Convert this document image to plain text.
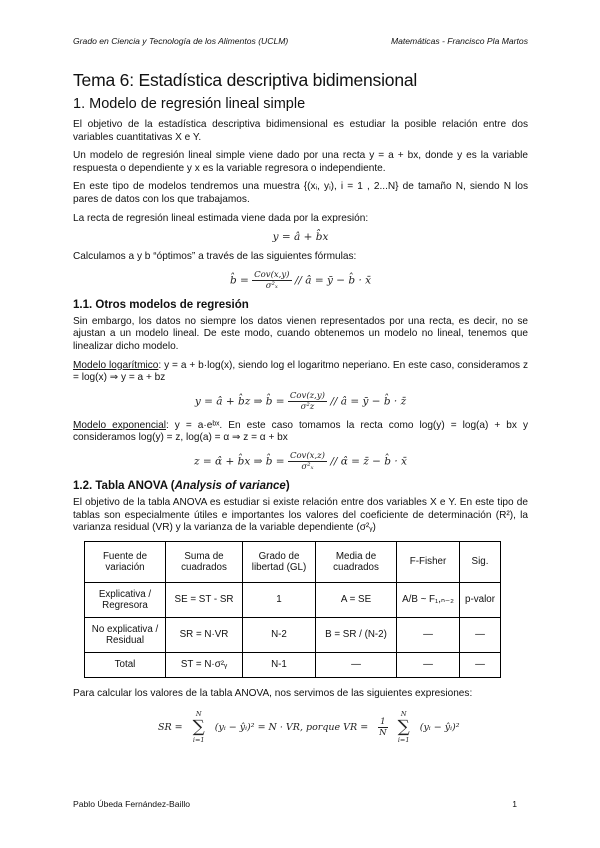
Grado en Ciencia y Tecnología de los Alimentos (UCLM)	Matemáticas - Francisco Pla Martos
Tema 6: Estadística descriptiva bidimensional
1. Modelo de regresión lineal simple

El objetivo de la estadística descriptiva bidimensional es estudiar la posible relación entre dos variables cuantitativas X e Y.

Un modelo de regresión lineal simple viene dado por una recta y = a + bx, donde y es la variable respuesta o dependiente y x es la variable regresora o independiente.

En este tipo de modelos tendremos una muestra {(xᵢ, yᵢ), i = 1 , 2...N} de tamaño N, siendo N los pares de datos con los que trabajamos.

La recta de regresión lineal estimada viene dada por la expresión:

y = â + b̂x

Calculamos a y b “óptimos” a través de las siguientes fórmulas:

b̂ = $\frac{\text{Cov(x,y)}}{\text{σ²ₓ}}$ // â = ȳ − b̂ · x̄
1.1. Otros modelos de regresión

Sin embargo, los datos no siempre los datos vienen representados por una recta, es decir, no se ajustan a un modelo lineal. De este modo, cuando obtenemos un modelo no lineal, tenemos que linealizar dicho modelo.

Modelo logarítmico: y = a + b·log(x), siendo log el logaritmo neperiano. En este caso, consideramos z = log(x) ⇒ y = a + bz

y = â + b̂z ⇒ b̂ = $\frac{\text{Cov(z,y)}}{\text{σ²z}}$ // â = ȳ − b̂ · z̄

Modelo exponencial: y = a·eᵇˣ. En este caso tomamos la recta como log(y) = log(a) + bx y consideramos log(y) = z, log(a) = α ⇒ z = α + bx

z = α̂ + b̂x ⇒ b̂ = $\frac{\text{Cov(x,z)}}{\text{σ²ₓ}}$ // α̂ = z̄ − b̂ · x̄
1.2. Tabla ANOVA (Analysis of variance)

El objetivo de la tabla ANOVA es estudiar si existe relación entre dos variables X e Y. En este tipo de tablas son especialmente útiles e importantes los valores del coeficiente de determinación (R²), la varianza residual (VR) y la varianza de la variable dependiente (σ²ᵧ)

Fuente de variación	Suma de cuadrados	Grado de libertad (GL)	Media de cuadrados	F-Fisher	Sig.
Explicativa / Regresora	SE = ST - SR	1	A = SE	A/B ~ F₁,ₙ₋₂	p-valor
No explicativa / Residual	SR = N·VR	N-2	B = SR / (N-2)	—	—
Total	ST = N·σ²ᵧ	N-1	—	—	—

Para calcular los valores de la tabla ANOVA, nos servimos de las siguientes expresiones:

SR =
N
∑
i=1
(yᵢ − ŷᵢ)² = N · VR, porque VR = $\frac{1}{N}$
N
∑
i=1
(yᵢ − ŷᵢ)²
Pablo Úbeda Fernández-Baillo	1
